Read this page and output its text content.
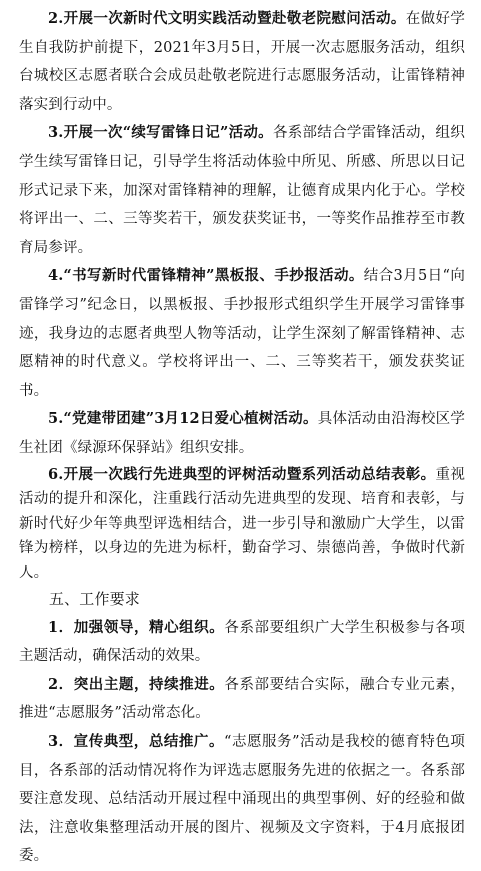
2.开展一次新时代文明实践活动暨赴敬老院慰问活动。在做好学生自我防护前提下，2021年3月5日，开展一次志愿服务活动，组织台城校区志愿者联合会成员赴敬老院进行志愿服务活动，让雷锋精神落实到行动中。

3.开展一次“续写雷锋日记”活动。各系部结合学雷锋活动，组织学生续写雷锋日记，引导学生将活动体验中所见、所感、所思以日记形式记录下来，加深对雷锋精神的理解，让德育成果内化于心。学校将评出一、二、三等奖若干，颁发获奖证书，一等奖作品推荐至市教育局参评。

4.“书写新时代雷锋精神”黑板报、手抄报活动。结合3月5日“向雷锋学习”纪念日，以黑板报、手抄报形式组织学生开展学习雷锋事迹，我身边的志愿者典型人物等活动，让学生深刻了解雷锋精神、志愿精神的时代意义。学校将评出一、二、三等奖若干，颁发获奖证书。

5.“党建带团建”3月12日爱心植树活动。具体活动由沿海校区学生社团《绿源环保驿站》组织安排。

6.开展一次践行先进典型的评树活动暨系列活动总结表彰。重视活动的提升和深化，注重践行活动先进典型的发现、培育和表彰，与新时代好少年等典型评选相结合，进一步引导和激励广大学生，以雷锋为榜样，以身边的先进为标杆，勤奋学习、崇德尚善，争做时代新人。

五、工作要求

1．加强领导，精心组织。各系部要组织广大学生积极参与各项主题活动，确保活动的效果。

2．突出主题，持续推进。各系部要结合实际，融合专业元素，推进“志愿服务”活动常态化。

3．宣传典型，总结推广。“志愿服务”活动是我校的德育特色项目，各系部的活动情况将作为评选志愿服务先进的依据之一。各系部要注意发现、总结活动开展过程中涌现出的典型事例、好的经验和做法，注意收集整理活动开展的图片、视频及文字资料，于4月底报团委。
